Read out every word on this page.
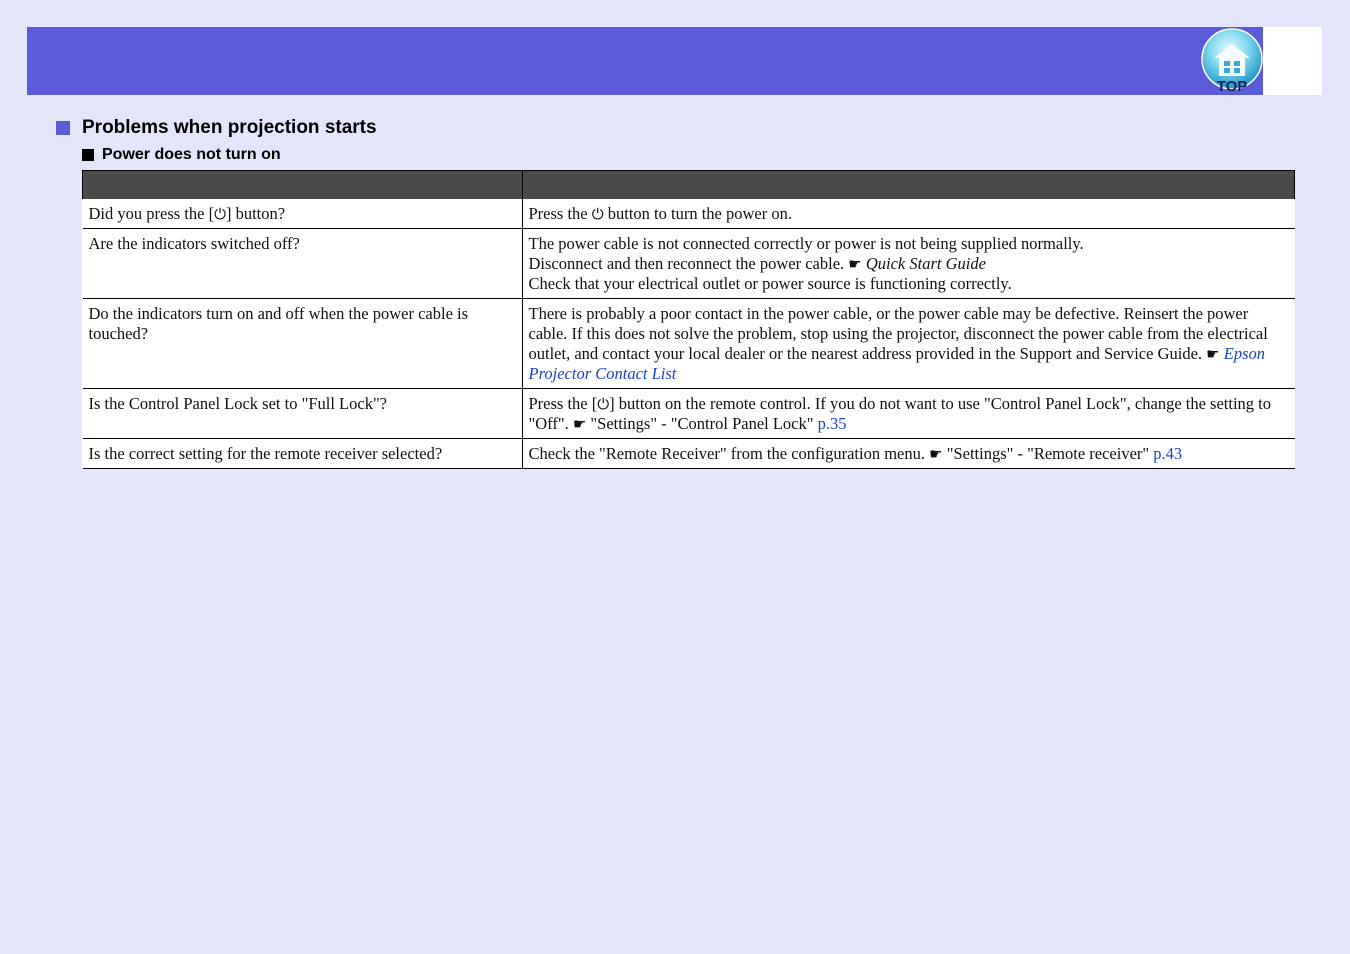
TOP
Problems when projection starts
Power does not turn on

Did you press the [⏻] button?	Press the ⏻ button to turn the power on.
Are the indicators switched off?	The power cable is not connected correctly or power is not being supplied normally.
Disconnect and then reconnect the power cable. ☛ Quick Start Guide
Check that your electrical outlet or power source is functioning correctly.

Do the indicators turn on and off when the power cable is touched?	There is probably a poor contact in the power cable, or the power cable may be defective. Reinsert the power cable. If this does not solve the problem, stop using the projector, disconnect the power cable from the electrical outlet, and contact your local dealer or the nearest address provided in the Support and Service Guide. ☛ Epson Projector Contact List
Is the Control Panel Lock set to "Full Lock"?	Press the [⏻] button on the remote control. If you do not want to use "Control Panel Lock", change the setting to "Off". ☛ "Settings" - "Control Panel Lock" p.35
Is the correct setting for the remote receiver selected?	Check the "Remote Receiver" from the configuration menu. ☛ "Settings" - "Remote receiver" p.43
